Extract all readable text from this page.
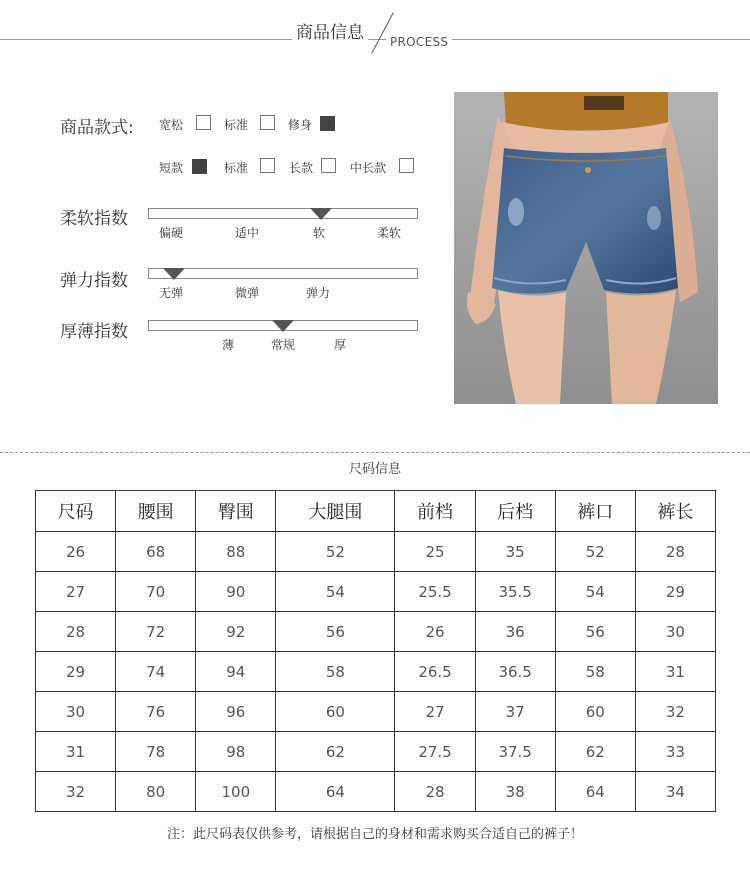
商品信息	PROCESS
商品款式: 宽松	标准	修身
短款	标准	长款	中长款
柔软指数
偏硬	适中	软	柔软
弹力指数
无弹	微弹	弹力
厚薄指数
薄	常规	厚
尺码信息
尺码	腰围	臀围	大腿围	前档	后档	裤口	裤长
26	68	88	52	25	35	52	28
27	70	90	54	25.5	35.5	54	29
28	72	92	56	26	36	56	30
29	74	94	58	26.5	36.5	58	31
30	76	96	60	27	37	60	32
31	78	98	62	27.5	37.5	62	33
32	80	100	64	28	38	64	34
注：此尺码表仅供参考，请根据自己的身材和需求购买合适自己的裤子！
